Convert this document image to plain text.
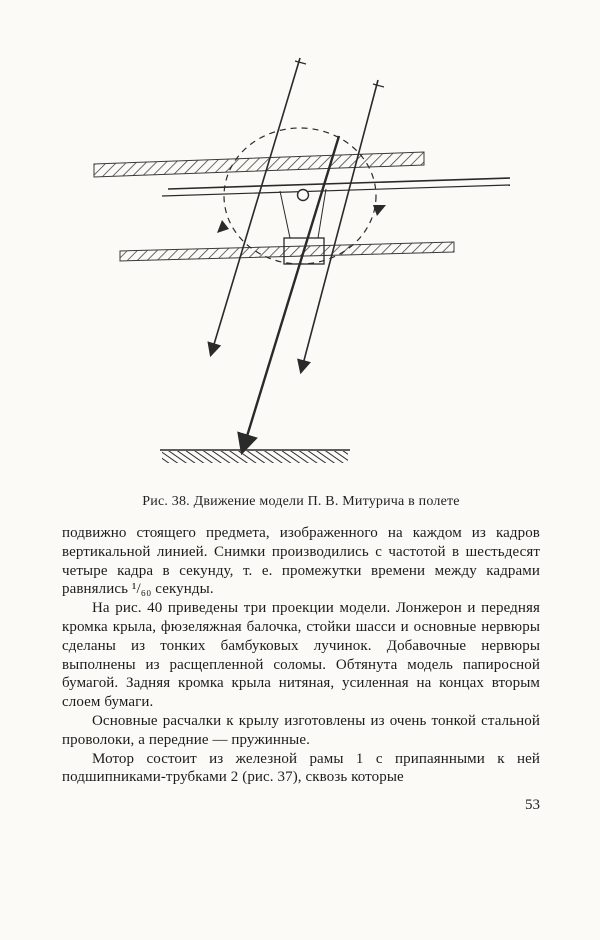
Рис. 38. Движение модели П. В. Митурича в полете

подвижно стоящего предмета, изображенного на каждом из кадров вертикальной линией. Снимки производились с частотой в шестьдесят четыре кадра в секунду, т. е. промежутки времени между кадрами равнялись ¹/₆₀ секунды.

На рис. 40 приведены три проекции модели. Лонжерон и передняя кромка крыла, фюзеляжная балочка, стойки шасси и основные нервюры сделаны из тонких бамбуковых лучинок. Добавочные нервюры выполнены из расщепленной соломы. Обтянута модель папиросной бумагой. Задняя кромка крыла нитяная, усиленная на концах вторым слоем бумаги.

Основные расчалки к крылу изготовлены из очень тонкой стальной проволоки, а передние — пружинные.

Мотор состоит из железной рамы 1 с припаянными к ней подшипниками-трубками 2 (рис. 37), сквозь которые

53
